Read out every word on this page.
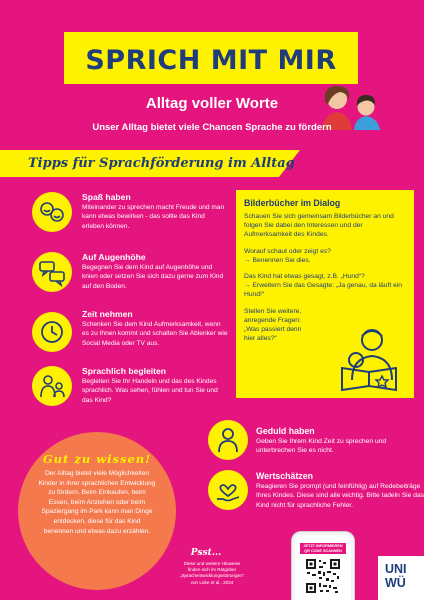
SPRICH MIT MIR
Alltag voller Worte
Unser Alltag bietet viele Chancen Sprache zu fördern
Tipps für Sprachförderung im Alltag
Spaß haben
Miteinander zu sprechen macht Freude und man kann etwas bewirken - das sollte das Kind erleben können.
Auf Augenhöhe
Begegnen Sie dem Kind auf Augenhöhe und knien oder setzen Sie sich dazu gerne zum Kind auf den Boden.
Zeit nehmen
Schenken Sie dem Kind Aufmerksamkeit, wenn es zu Ihnen kommt und schalten Sie Ablenker wie Social Media oder TV aus.
Sprachlich begleiten
Begleiten Sie Ihr Handeln und das des Kindes sprachlich. Was sehen, fühlen und tun Sie und das Kind?
Bilderbücher im Dialog
Schauen Sie sich gemeinsam Bilderbücher an und folgen Sie dabei den Interessen und der Aufmerksamkeit des Kindes.
Worauf schaut oder zeigt es?
→ Benennen Sie dies.
Das Kind hat etwas gesagt, z.B. „Hund“?
→ Erweitern Sie das Gesagte: „Ja genau, da läuft ein Hund!“
Stellen Sie weitere,
anregende Fragen:
„Was passiert denn
hier alles?“
Geduld haben
Geben Sie Ihrem Kind Zeit zu sprechen und unterbrechen Sie es nicht.
Wertschätzen
Reagieren Sie prompt (und feinfühlig) auf Redebeiträge Ihres Kindes. Diese sind alle wichtig. Bitte tadeln Sie das Kind nicht für sprachliche Fehler.
Gut zu wissen!
Der Alltag bietet viele Möglichkeiten Kinder in ihrer sprachlichen Entwicklung zu fördern. Beim Einkaufen, beim Essen, beim Anziehen oder beim Spaziergang im Park kann man Dinge entdecken, diese für das Kind benennen und etwas dazu erzählen.
Psst...
Diese und weitere Hinweise
finden sich im Ratgeber
„Sprachentwicklungsstörungen“
von Lüke et al., 2024
JETZT INFORMIEREN
QR CODE SCANNEN
UNI
WÜ
